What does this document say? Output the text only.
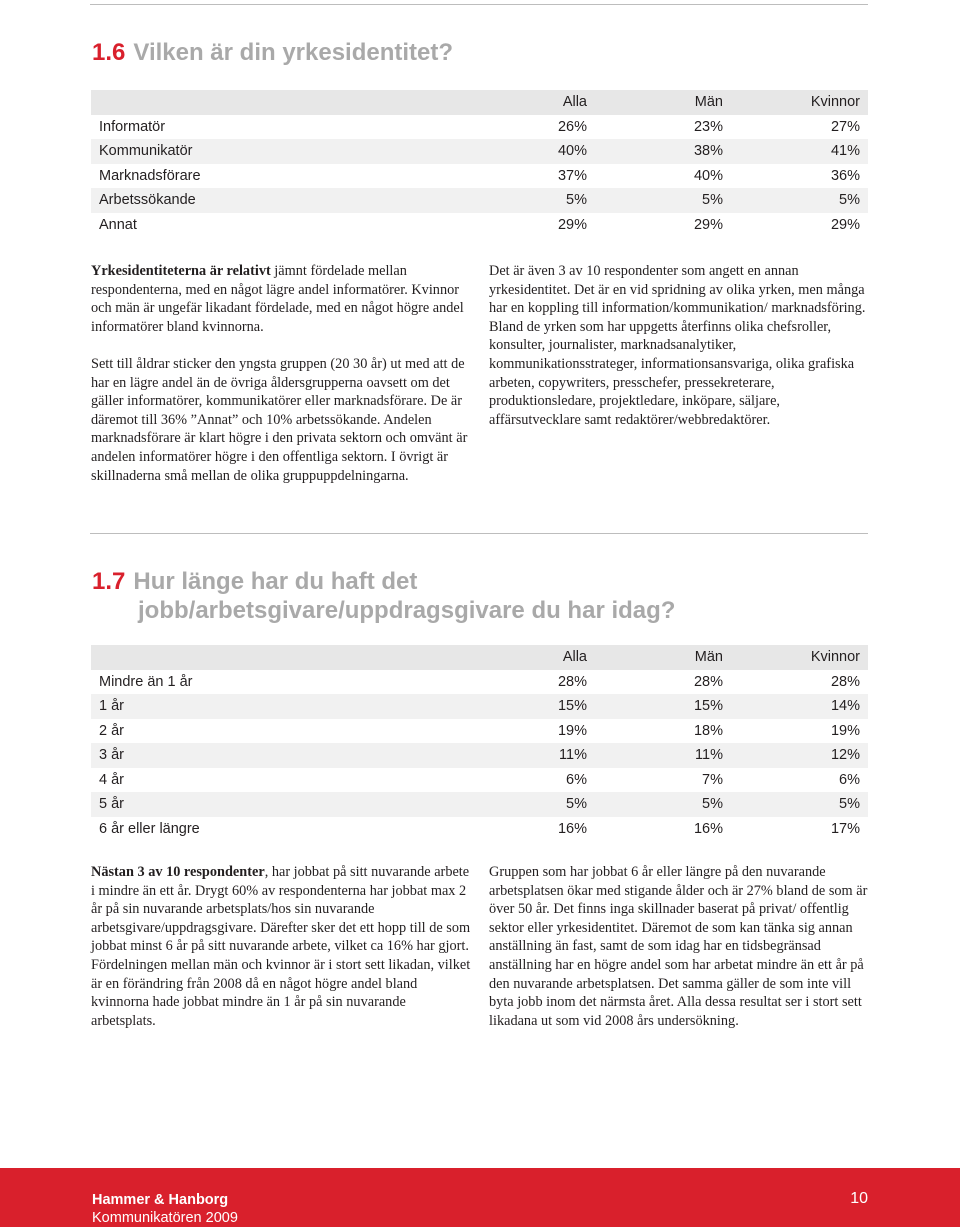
1.6 Vilken är din yrkesidentitet?
	Alla	Män	Kvinnor
Informatör	26%	23%	27%
Kommunikatör	40%	38%	41%
Marknadsförare	37%	40%	36%
Arbetssökande	5%	5%	5%
Annat	29%	29%	29%

Yrkesidentiteterna är relativt jämnt fördelade mellan respondenterna, med en något lägre andel informatörer. Kvinnor och män är ungefär likadant fördelade, med en något högre andel informatörer bland kvinnorna.

Sett till åldrar sticker den yngsta gruppen (20 30 år) ut med att de har en lägre andel än de övriga åldersgrupperna oavsett om det gäller informatörer, kommunikatörer eller marknadsförare. De är däremot till 36% ”Annat” och 10% arbetssökande. Andelen marknadsförare är klart högre i den privata sektorn och omvänt är andelen informatörer högre i den offentliga sektorn. I övrigt är skillnaderna små mellan de olika gruppuppdelningarna.

Det är även 3 av 10 respondenter som angett en annan yrkesidentitet. Det är en vid spridning av olika yrken, men många har en koppling till information/kommunikation/ marknadsföring. Bland de yrken som har uppgetts återfinns olika chefsroller, konsulter, journalister, marknadsanalytiker, kommunikationsstrateger, informationsansvariga, olika grafiska arbeten, copywriters, presschefer, pressekreterare, produktionsledare, projektledare, inköpare, säljare, affärsutvecklare samt redaktörer/webbredaktörer.

1.7 Hur länge har du haft det
jobb/arbetsgivare/uppdragsgivare du har idag?
	Alla	Män	Kvinnor
Mindre än 1 år	28%	28%	28%
1 år	15%	15%	14%
2 år	19%	18%	19%
3 år	11%	11%	12%
4 år	6%	7%	6%
5 år	5%	5%	5%
6 år eller längre	16%	16%	17%

Nästan 3 av 10 respondenter, har jobbat på sitt nuvarande arbete i mindre än ett år. Drygt 60% av respondenterna har jobbat max 2 år på sin nuvarande arbetsplats/hos sin nuvarande arbetsgivare/uppdragsgivare. Därefter sker det ett hopp till de som jobbat minst 6 år på sitt nuvarande arbete, vilket ca 16% har gjort. Fördelningen mellan män och kvinnor är i stort sett likadan, vilket är en förändring från 2008 då en något högre andel bland kvinnorna hade jobbat mindre än 1 år på sin nuvarande arbetsplats.

Gruppen som har jobbat 6 år eller längre på den nuvarande arbetsplatsen ökar med stigande ålder och är 27% bland de som är över 50 år. Det finns inga skillnader baserat på privat/ offentlig sektor eller yrkesidentitet. Däremot de som kan tänka sig annan anställning än fast, samt de som idag har en tidsbegränsad anställning har en högre andel som har arbetat mindre än ett år på den nuvarande arbetsplatsen. Det samma gäller de som inte vill byta jobb inom det närmsta året. Alla dessa resultat ser i stort sett likadana ut som vid 2008 års undersökning.

Hammer & Hanborg
Kommunikatören 2009
10
